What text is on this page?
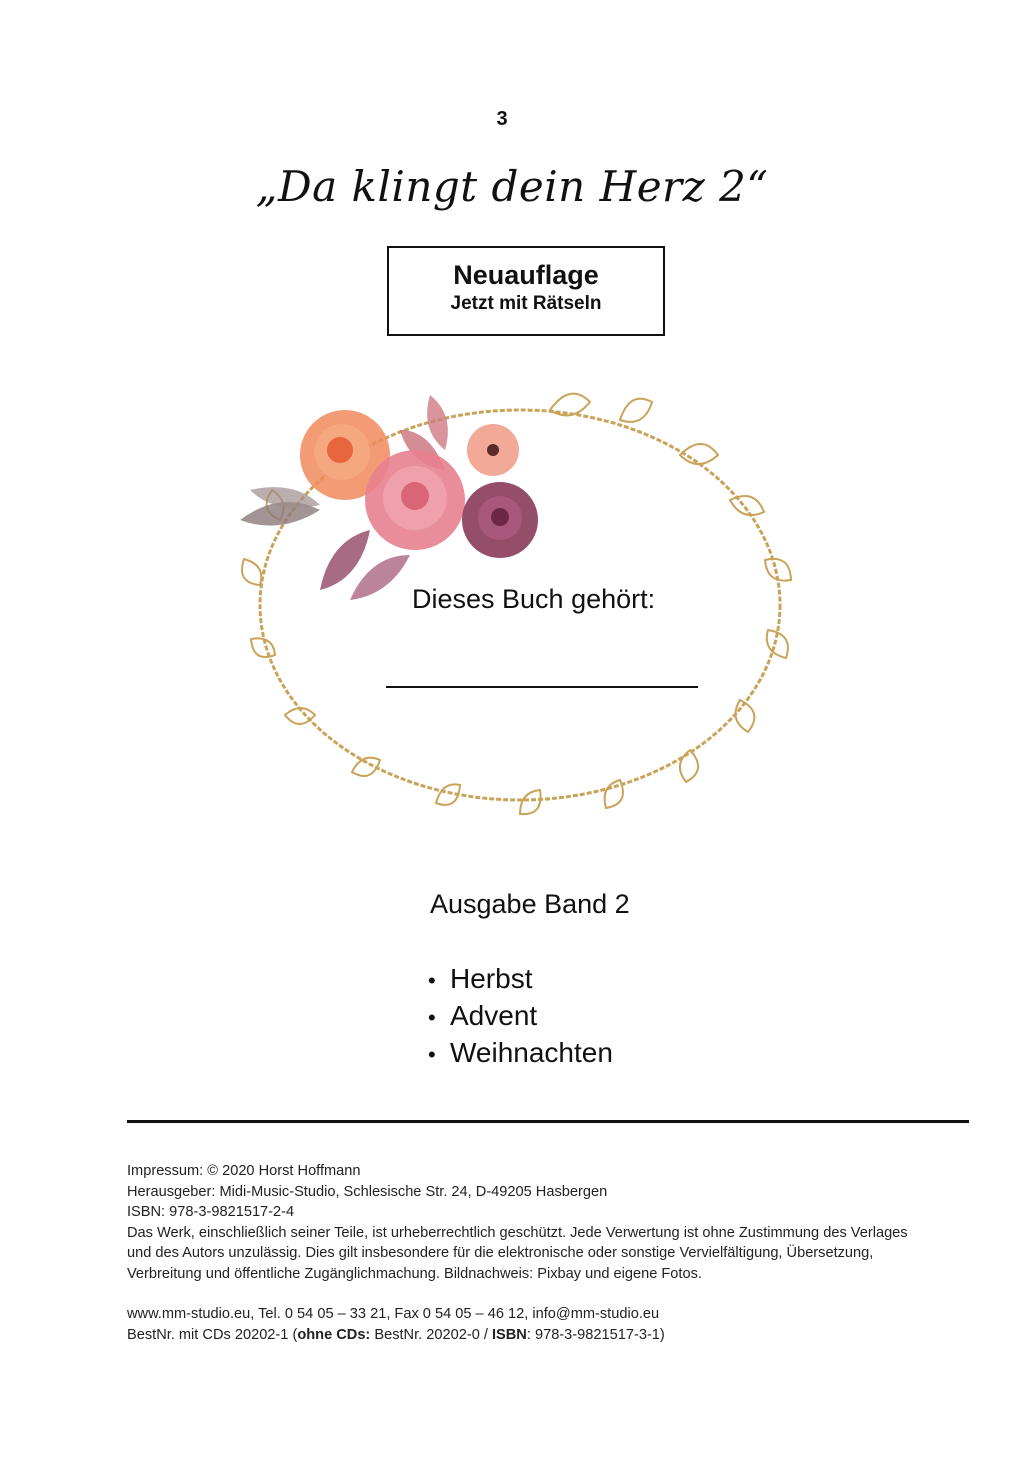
3
„Da klingt dein Herz 2“
Neuauflage
Jetzt mit Rätseln
Dieses Buch gehört:
Ausgabe Band 2
• Herbst
• Advent
• Weihnachten

Impressum: © 2020 Horst Hoffmann

Herausgeber: Midi-Music-Studio, Schlesische Str. 24, D-49205 Hasbergen

ISBN: 978-3-9821517-2-4

Das Werk, einschließlich seiner Teile, ist urheberrechtlich geschützt. Jede Verwertung ist ohne Zustimmung des Verlages

und des Autors unzulässig. Dies gilt insbesondere für die elektronische oder sonstige Vervielfältigung, Übersetzung,

Verbreitung und öffentliche Zugänglichmachung. Bildnachweis: Pixbay und eigene Fotos.

www.mm-studio.eu, Tel. 0 54 05 – 33 21, Fax 0 54 05 – 46 12, info@mm-studio.eu

BestNr. mit CDs 20202-1 (ohne CDs: BestNr. 20202-0 / ISBN: 978-3-9821517-3-1)
